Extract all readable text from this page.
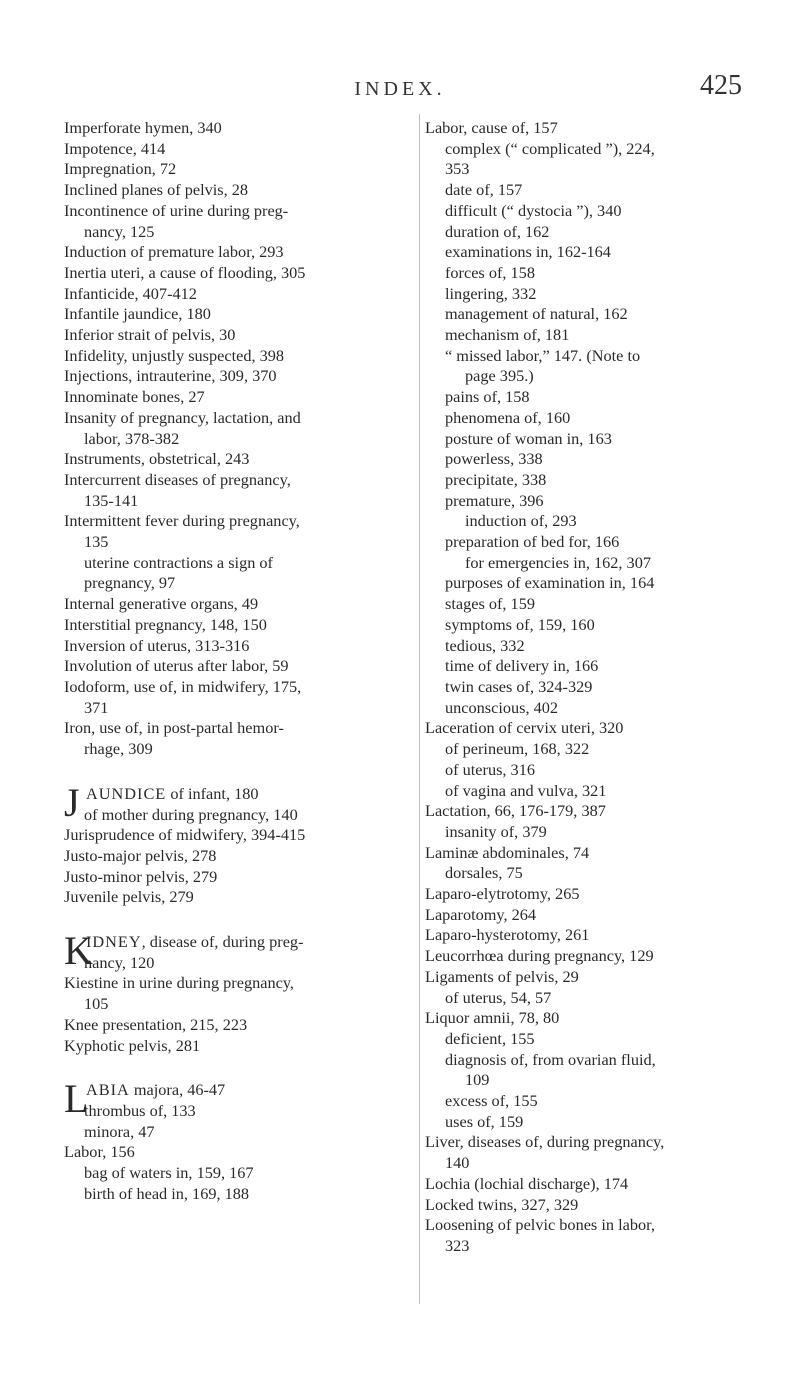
INDEX.	425
Imperforate hymen, 340
Impotence, 414
Impregnation, 72
Inclined planes of pelvis, 28
Incontinence of urine during preg-
nancy, 125
Induction of premature labor, 293
Inertia uteri, a cause of flooding, 305
Infanticide, 407-412
Infantile jaundice, 180
Inferior strait of pelvis, 30
Infidelity, unjustly suspected, 398
Injections, intrauterine, 309, 370
Innominate bones, 27
Insanity of pregnancy, lactation, and
labor, 378-382
Instruments, obstetrical, 243
Intercurrent diseases of pregnancy,
135-141
Intermittent fever during pregnancy,
135
uterine contractions a sign of
pregnancy, 97
Internal generative organs, 49
Interstitial pregnancy, 148, 150
Inversion of uterus, 313-316
Involution of uterus after labor, 59
Iodoform, use of, in midwifery, 175,
371
Iron, use of, in post-partal hemor-
rhage, 309
J AUNDICE of infant, 180
of mother during pregnancy, 140
Jurisprudence of midwifery, 394-415
Justo-major pelvis, 278
Justo-minor pelvis, 279
Juvenile pelvis, 279
K
IDNEY, disease of, during preg-
nancy, 120
Kiestine in urine during pregnancy,
105
Knee presentation, 215, 223
Kyphotic pelvis, 281
L
ABIA majora, 46-47
thrombus of, 133
minora, 47
Labor, 156
bag of waters in, 159, 167
birth of head in, 169, 188
Labor, cause of, 157
complex (“ complicated ”), 224,
353
date of, 157
difficult (“ dystocia ”), 340
duration of, 162
examinations in, 162-164
forces of, 158
lingering, 332
management of natural, 162
mechanism of, 181
“ missed labor,” 147. (Note to
page 395.)
pains of, 158
phenomena of, 160
posture of woman in, 163
powerless, 338
precipitate, 338
premature, 396
induction of, 293
preparation of bed for, 166
for emergencies in, 162, 307
purposes of examination in, 164
stages of, 159
symptoms of, 159, 160
tedious, 332
time of delivery in, 166
twin cases of, 324-329
unconscious, 402
Laceration of cervix uteri, 320
of perineum, 168, 322
of uterus, 316
of vagina and vulva, 321
Lactation, 66, 176-179, 387
insanity of, 379
Laminæ abdominales, 74
dorsales, 75
Laparo-elytrotomy, 265
Laparotomy, 264
Laparo-hysterotomy, 261
Leucorrhœa during pregnancy, 129
Ligaments of pelvis, 29
of uterus, 54, 57
Liquor amnii, 78, 80
deficient, 155
diagnosis of, from ovarian fluid,
109
excess of, 155
uses of, 159
Liver, diseases of, during pregnancy,
140
Lochia (lochial discharge), 174
Locked twins, 327, 329
Loosening of pelvic bones in labor,
323
